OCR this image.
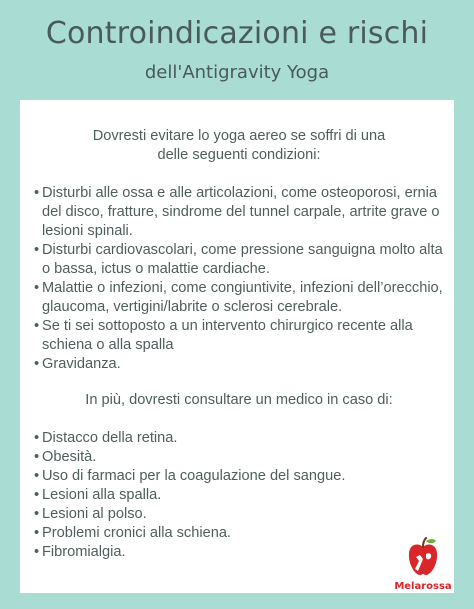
Controindicazioni e rischi
dell'Antigravity Yoga
Dovresti evitare lo yoga aereo se soffri di una
delle seguenti condizioni:
• Disturbi alle ossa e alle articolazioni, come osteoporosi, ernia del disco, fratture, sindrome del tunnel carpale, artrite grave o lesioni spinali.
• Disturbi cardiovascolari, come pressione sanguigna molto alta o bassa, ictus o malattie cardiache.
• Malattie o infezioni, come congiuntivite, infezioni dell’orecchio, glaucoma, vertigini/labrite o sclerosi cerebrale.
• Se ti sei sottoposto a un intervento chirurgico recente alla schiena o alla spalla
• Gravidanza.
In più, dovresti consultare un medico in caso di:
• Distacco della retina.
• Obesità.
• Uso di farmaci per la coagulazione del sangue.
• Lesioni alla spalla.
• Lesioni al polso.
• Problemi cronici alla schiena.
• Fibromialgia.
Melarossa
